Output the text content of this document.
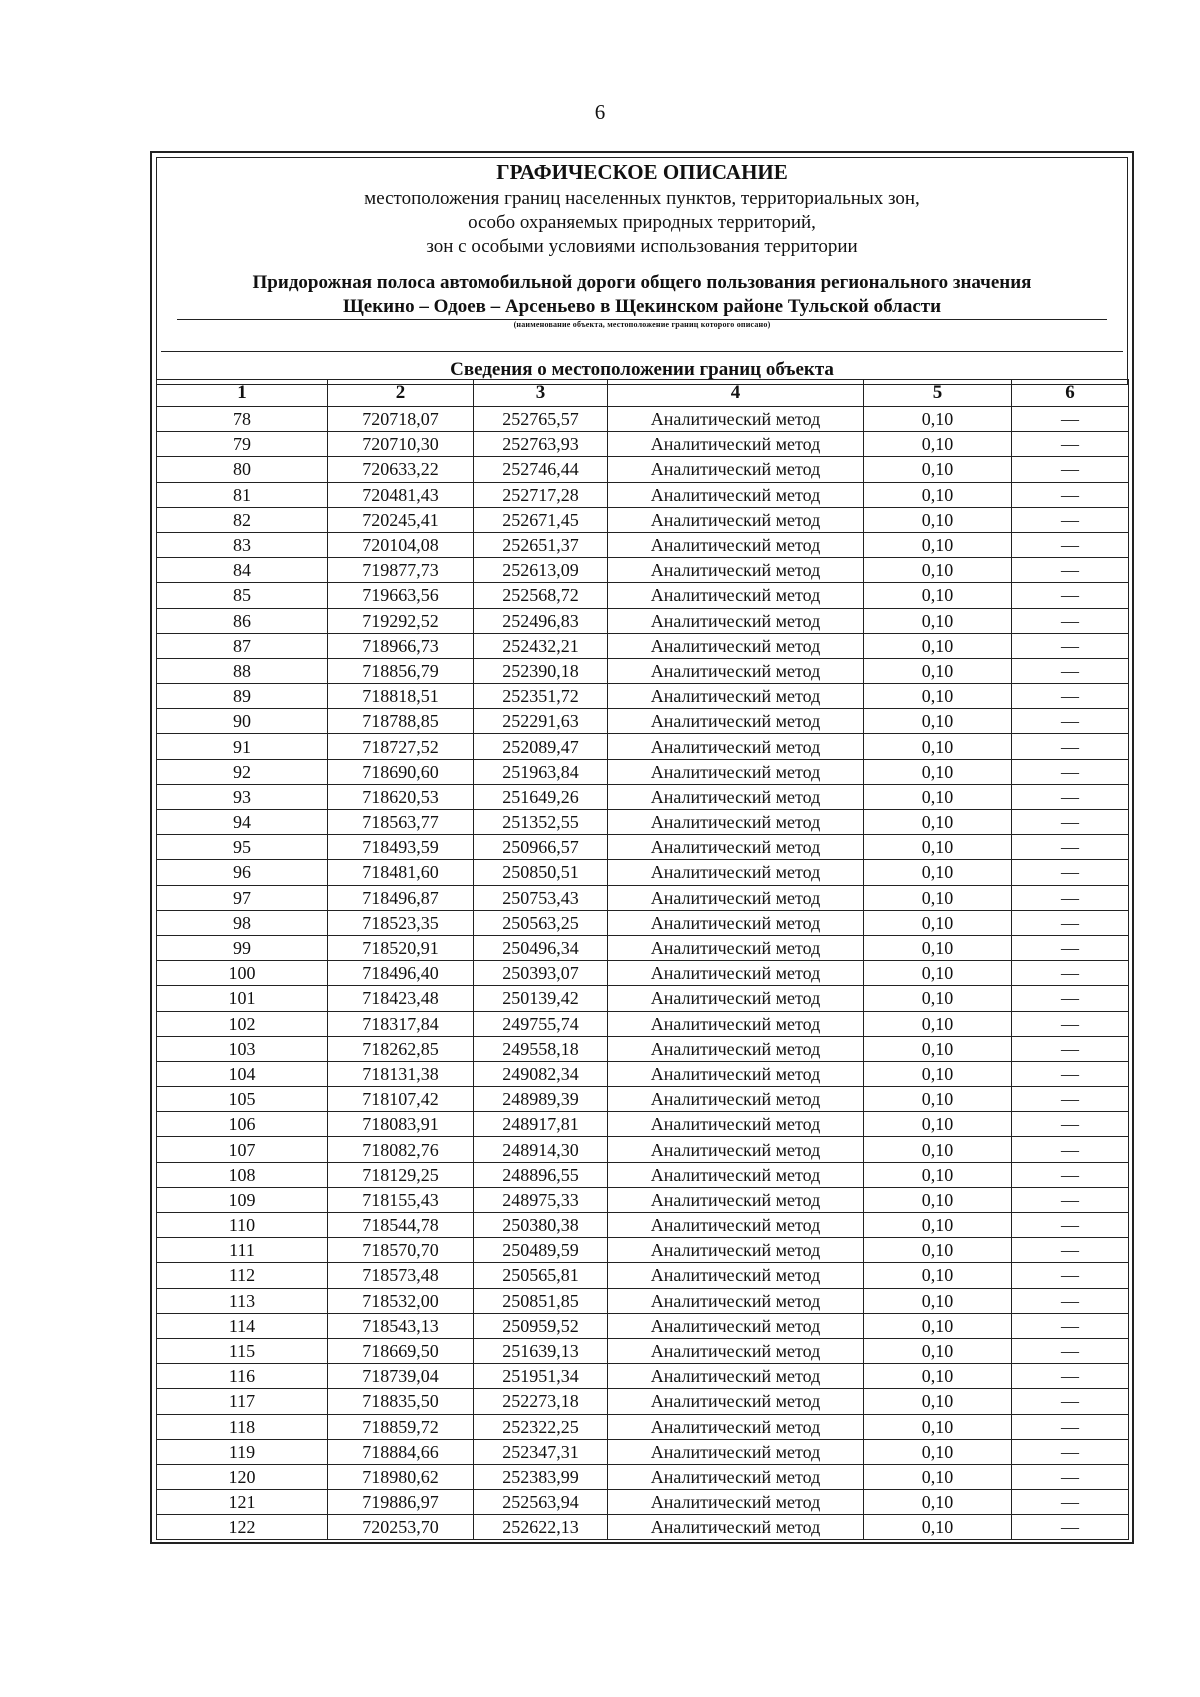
6
ГРАФИЧЕСКОЕ ОПИСАНИЕ
местоположения границ населенных пунктов, территориальных зон,
особо охраняемых природных территорий,
зон с особыми условиями использования территории
Придорожная полоса автомобильной дороги общего пользования регионального значения
Щекино – Одоев – Арсеньево в Щекинском районе Тульской области
(наименование объекта, местоположение границ которого описано)
Сведения о местоположении границ объекта
1	2	3	4	5	6
78	720718,07	252765,57	Аналитический метод	0,10	—
79	720710,30	252763,93	Аналитический метод	0,10	—
80	720633,22	252746,44	Аналитический метод	0,10	—
81	720481,43	252717,28	Аналитический метод	0,10	—
82	720245,41	252671,45	Аналитический метод	0,10	—
83	720104,08	252651,37	Аналитический метод	0,10	—
84	719877,73	252613,09	Аналитический метод	0,10	—
85	719663,56	252568,72	Аналитический метод	0,10	—
86	719292,52	252496,83	Аналитический метод	0,10	—
87	718966,73	252432,21	Аналитический метод	0,10	—
88	718856,79	252390,18	Аналитический метод	0,10	—
89	718818,51	252351,72	Аналитический метод	0,10	—
90	718788,85	252291,63	Аналитический метод	0,10	—
91	718727,52	252089,47	Аналитический метод	0,10	—
92	718690,60	251963,84	Аналитический метод	0,10	—
93	718620,53	251649,26	Аналитический метод	0,10	—
94	718563,77	251352,55	Аналитический метод	0,10	—
95	718493,59	250966,57	Аналитический метод	0,10	—
96	718481,60	250850,51	Аналитический метод	0,10	—
97	718496,87	250753,43	Аналитический метод	0,10	—
98	718523,35	250563,25	Аналитический метод	0,10	—
99	718520,91	250496,34	Аналитический метод	0,10	—
100	718496,40	250393,07	Аналитический метод	0,10	—
101	718423,48	250139,42	Аналитический метод	0,10	—
102	718317,84	249755,74	Аналитический метод	0,10	—
103	718262,85	249558,18	Аналитический метод	0,10	—
104	718131,38	249082,34	Аналитический метод	0,10	—
105	718107,42	248989,39	Аналитический метод	0,10	—
106	718083,91	248917,81	Аналитический метод	0,10	—
107	718082,76	248914,30	Аналитический метод	0,10	—
108	718129,25	248896,55	Аналитический метод	0,10	—
109	718155,43	248975,33	Аналитический метод	0,10	—
110	718544,78	250380,38	Аналитический метод	0,10	—
111	718570,70	250489,59	Аналитический метод	0,10	—
112	718573,48	250565,81	Аналитический метод	0,10	—
113	718532,00	250851,85	Аналитический метод	0,10	—
114	718543,13	250959,52	Аналитический метод	0,10	—
115	718669,50	251639,13	Аналитический метод	0,10	—
116	718739,04	251951,34	Аналитический метод	0,10	—
117	718835,50	252273,18	Аналитический метод	0,10	—
118	718859,72	252322,25	Аналитический метод	0,10	—
119	718884,66	252347,31	Аналитический метод	0,10	—
120	718980,62	252383,99	Аналитический метод	0,10	—
121	719886,97	252563,94	Аналитический метод	0,10	—
122	720253,70	252622,13	Аналитический метод	0,10	—
